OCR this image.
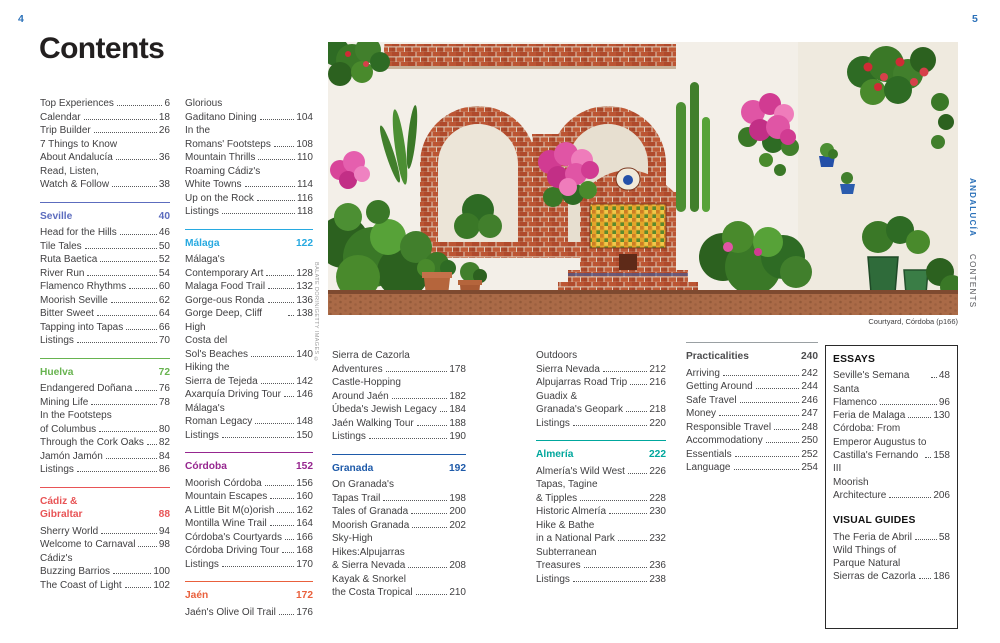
4	5
Contents
Courtyard, Córdoba (p166)
BALATE DORIN/GETTY IMAGES ©
Top Experiences	6
Calendar	18
Trip Builder	26
7 Things to Know
About Andalucía	36
Read, Listen,
Watch & Follow	38
Seville	40
Head for the Hills	46
Tile Tales	50
Ruta Baetica	52
River Run	54
Flamenco Rhythms	60
Moorish Seville	62
Bitter Sweet	64
Tapping into Tapas	66
Listings	70
Huelva	72
Endangered Doñana	76
Mining Life	78
In the Footsteps
of Columbus	80
Through the Cork Oaks 82
Jamón Jamón	84
Listings	86
Cádiz &
Gibraltar	88
Sherry World	94
Welcome to Carnaval 98
Cádiz's
Buzzing Barrios	100
The Coast of Light	102
Glorious
Gaditano Dining	104
In the
Romans' Footsteps	108
Mountain Thrills	110
Roaming Cádiz's
White Towns	114
Up on the Rock	116
Listings	118
Málaga	122
Málaga's
Contemporary Art	128
Malaga Food Trail	132
Gorge-ous Ronda	136
Gorge Deep, Cliff High
138
Costa del
Sol's Beaches	140
Hiking the
Sierra de Tejeda	142
Axarquía Driving Tour 146
Málaga's
Roman Legacy	148
Listings	150
Córdoba	152
Moorish Córdoba	156
Mountain Escapes	160
A Little Bit M(o)orish 162
Montilla Wine Trail	164
Córdoba's Courtyards 166
Córdoba Driving Tour 168
Listings	170
Jaén	172
Jaén's Olive Oil Trail 176
Sierra de Cazorla
Adventures	178
Castle-Hopping
Around Jaén	182
Úbeda's Jewish Legacy 184
Jaén Walking Tour	188
Listings	190
Granada	192
On Granada's
Tapas Trail	198
Tales of Granada	200
Moorish Granada	202
Sky-High
Hikes:Alpujarras
& Sierra Nevada	208
Kayak & Snorkel
the Costa Tropical	210
Outdoors
Sierra Nevada	212
Alpujarras Road Trip 216
Guadix &
Granada's Geopark	218
Listings	220
Almería	222
Almería's Wild West 226
Tapas, Tagine
& Tipples	228
Historic Almería	230
Hike & Bathe
in a National Park	232
Subterranean
Treasures	236
Listings	238
Practicalities	240
Arriving	242
Getting Around	244
Safe Travel	246
Money	247
Responsible Travel	248
Accommodationy	250
Essentials	252
Language	254
ESSAYS
Seville's Semana Santa
48
Flamenco	96
Feria de Malaga	130
Córdoba: From
Emperor Augustus to
Castilla's Fernando III
158
Moorish
Architecture	206
VISUAL GUIDES
The Feria de Abril	58
Wild Things of
Parque Natural
Sierras de Cazorla 186
ANDALUCÍA CONTENTS
